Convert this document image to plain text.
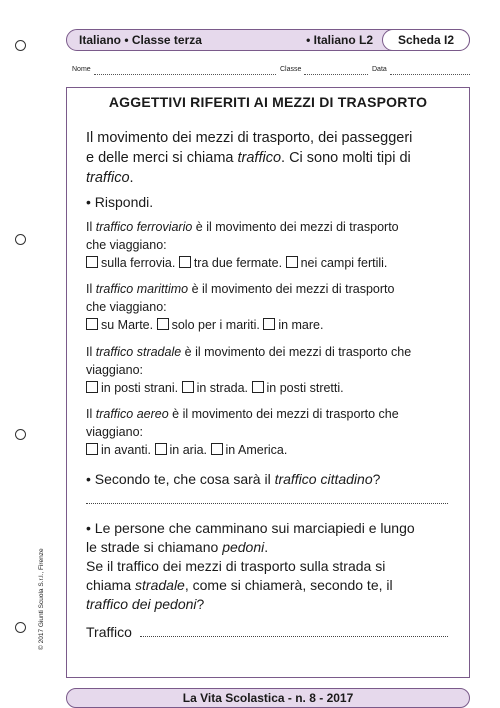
Italiano • Classe terza	• Italiano L2	Scheda I2
Nome	Classe	Data
AGGETTIVI RIFERITI AI MEZZI DI TRASPORTO
Il movimento dei mezzi di trasporto, dei passeggeri
e delle merci si chiama traffico. Ci sono molti tipi di
traffico.
• Rispondi.
Il traffico ferroviario è il movimento dei mezzi di trasporto
che viaggiano:
sulla ferrovia. tra due fermate. nei campi fertili.
Il traffico marittimo è il movimento dei mezzi di trasporto
che viaggiano:
su Marte. solo per i mariti. in mare.
Il traffico stradale è il movimento dei mezzi di trasporto che
viaggiano:
in posti strani. in strada. in posti stretti.
Il traffico aereo è il movimento dei mezzi di trasporto che
viaggiano:
in avanti. in aria. in America.
• Secondo te, che cosa sarà il traffico cittadino?
• Le persone che camminano sui marciapiedi e lungo
le strade si chiamano pedoni.
Se il traffico dei mezzi di trasporto sulla strada si
chiama stradale, come si chiamerà, secondo te, il
traffico dei pedoni?
Traffico
© 2017 Giunti Scuola S.r.l., Firenze
La Vita Scolastica - n. 8 - 2017
